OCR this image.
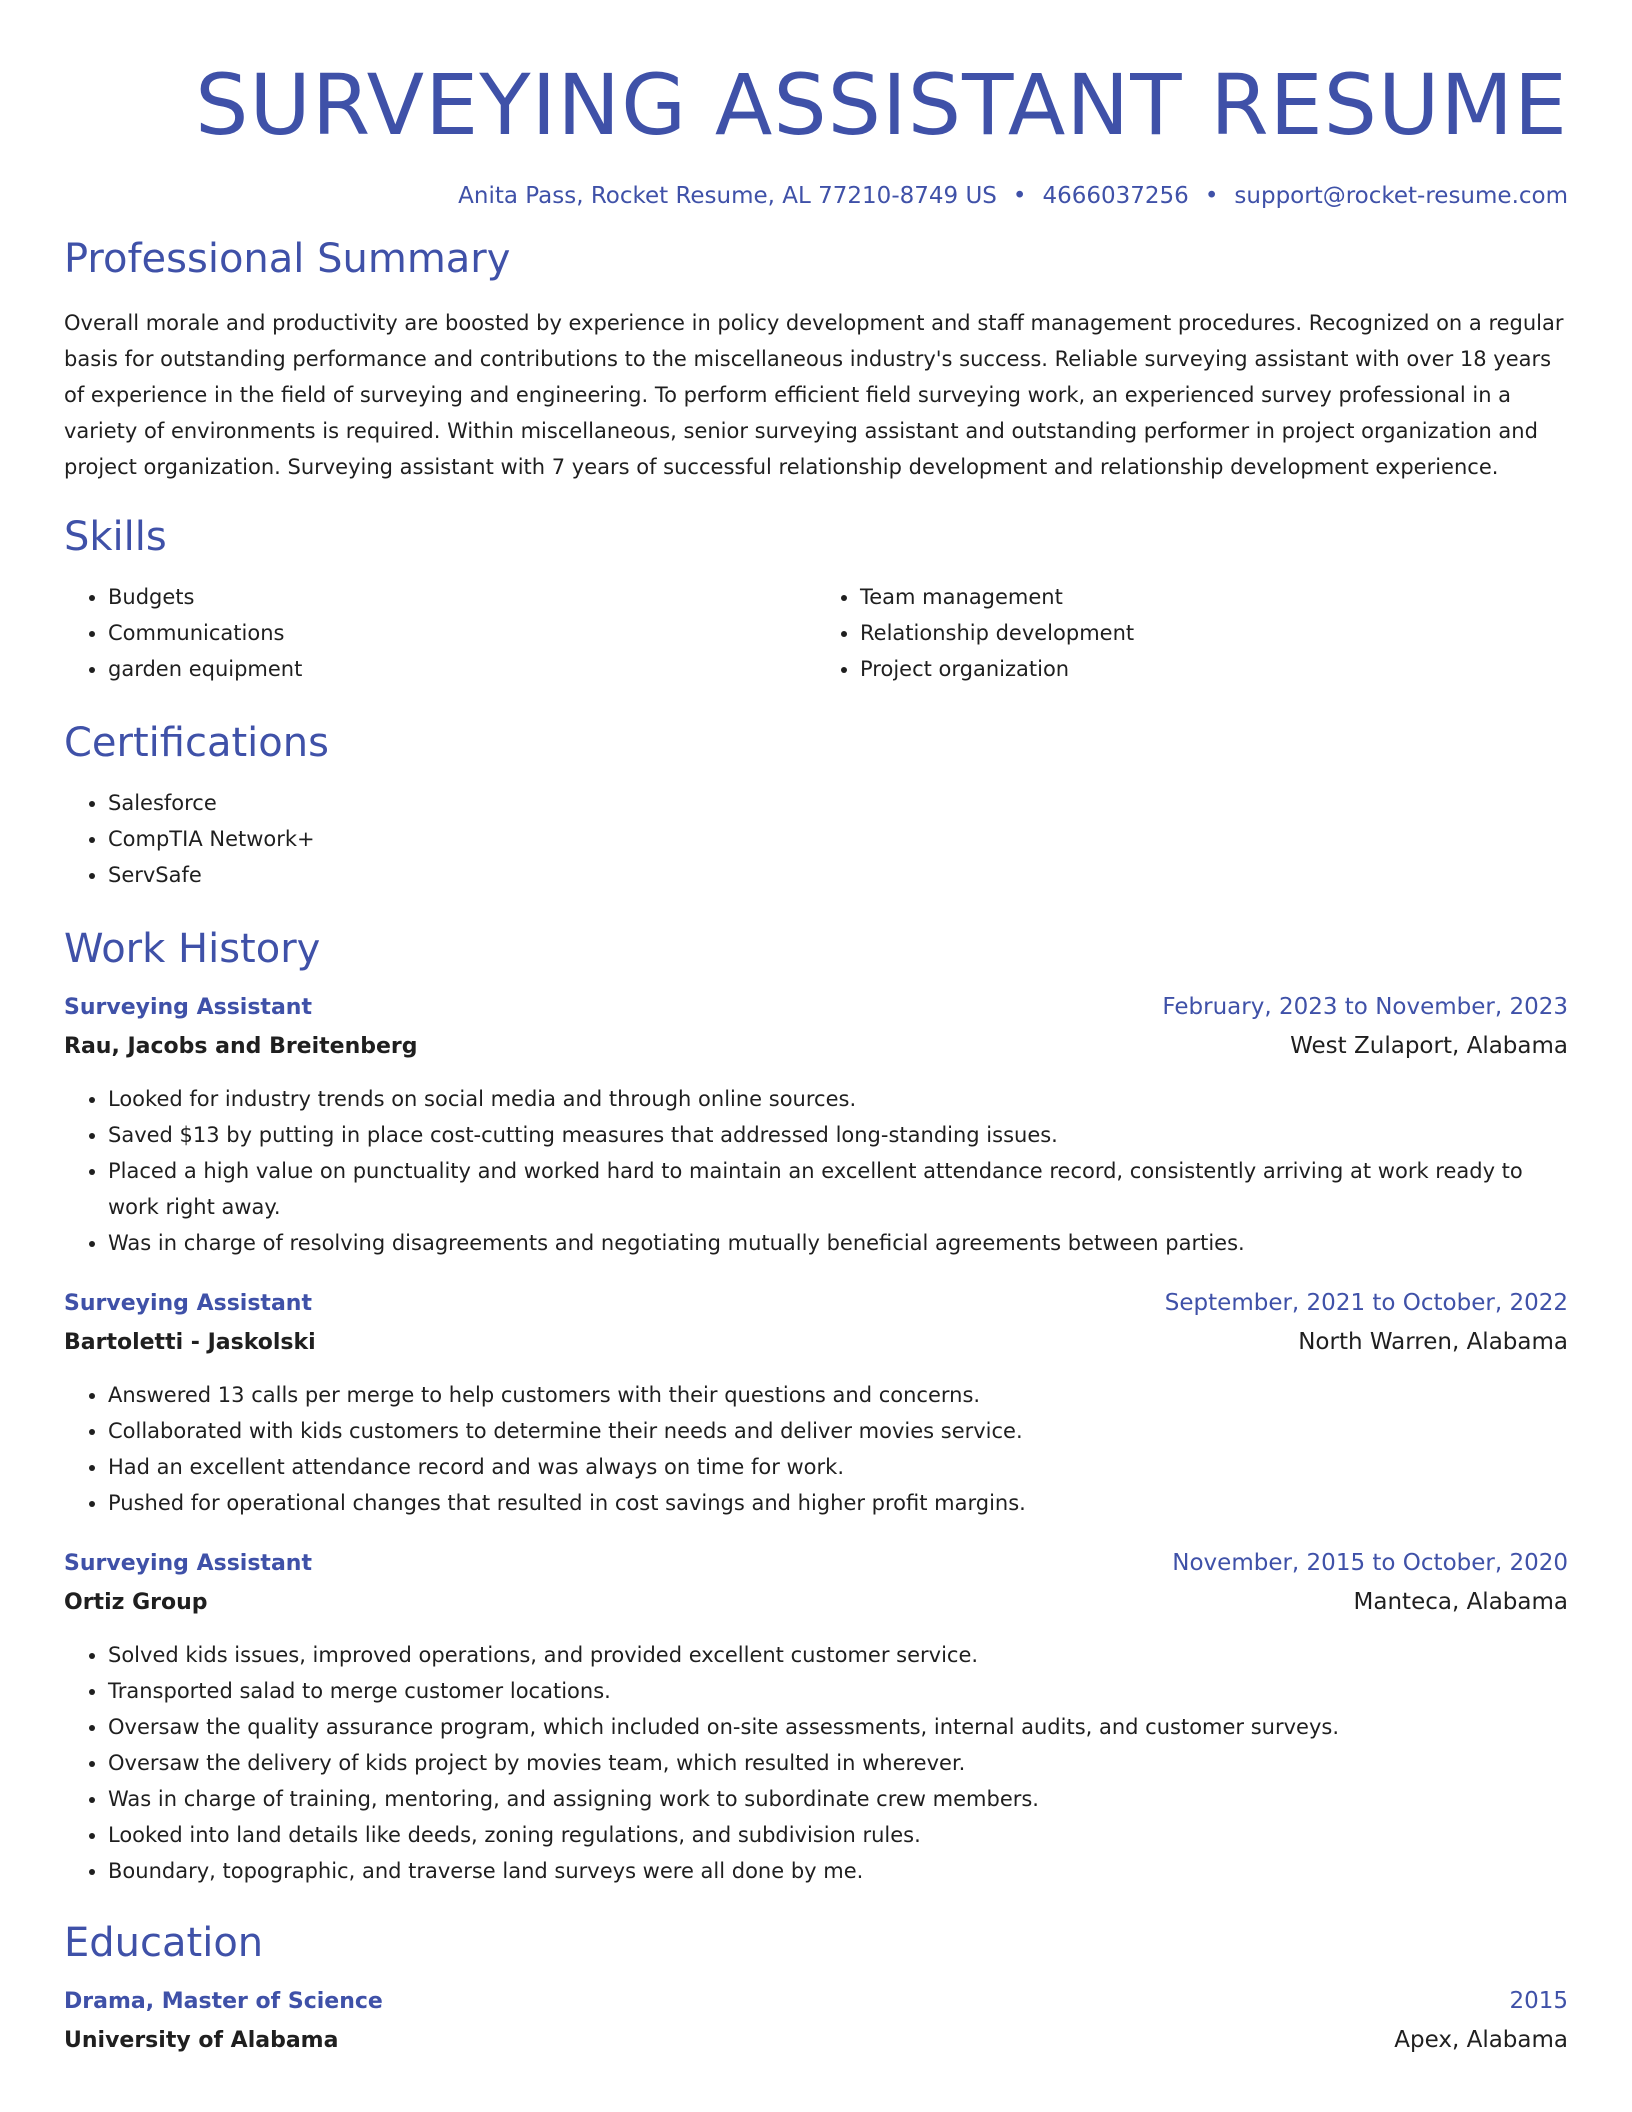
SURVEYING ASSISTANT RESUME
Anita Pass, Rocket Resume, AL 77210-8749 US • 4666037256 • support@rocket-resume.com
Professional Summary

Overall morale and productivity are boosted by experience in policy development and staff management procedures. Recognized on a regular basis for outstanding performance and contributions to the miscellaneous industry's success. Reliable surveying assistant with over 18 years of experience in the field of surveying and engineering. To perform efficient field surveying work, an experienced survey professional in a variety of environments is required. Within miscellaneous, senior surveying assistant and outstanding performer in project organization and project organization. Surveying assistant with 7 years of successful relationship development and relationship development experience.

Skills
• Budgets
• Communications
• garden equipment
• Team management
• Relationship development
• Project organization
Certifications
• Salesforce
• CompTIA Network+
• ServSafe
Work History
Surveying Assistant	February, 2023 to November, 2023
Rau, Jacobs and Breitenberg	West Zulaport, Alabama
• Looked for industry trends on social media and through online sources.
• Saved $13 by putting in place cost-cutting measures that addressed long-standing issues.
• Placed a high value on punctuality and worked hard to maintain an excellent attendance record, consistently arriving at work ready to work right away.
• Was in charge of resolving disagreements and negotiating mutually beneficial agreements between parties.
Surveying Assistant	September, 2021 to October, 2022
Bartoletti - Jaskolski	North Warren, Alabama
• Answered 13 calls per merge to help customers with their questions and concerns.
• Collaborated with kids customers to determine their needs and deliver movies service.
• Had an excellent attendance record and was always on time for work.
• Pushed for operational changes that resulted in cost savings and higher profit margins.
Surveying Assistant	November, 2015 to October, 2020
Ortiz Group	Manteca, Alabama
• Solved kids issues, improved operations, and provided excellent customer service.
• Transported salad to merge customer locations.
• Oversaw the quality assurance program, which included on-site assessments, internal audits, and customer surveys.
• Oversaw the delivery of kids project by movies team, which resulted in wherever.
• Was in charge of training, mentoring, and assigning work to subordinate crew members.
• Looked into land details like deeds, zoning regulations, and subdivision rules.
• Boundary, topographic, and traverse land surveys were all done by me.
Education
Drama, Master of Science	2015
University of Alabama	Apex, Alabama
